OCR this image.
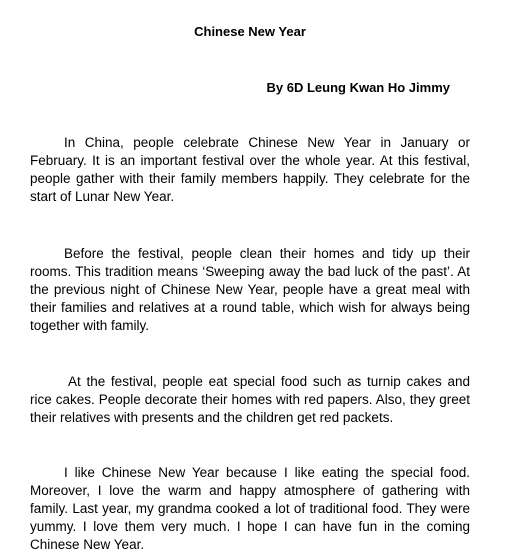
Chinese New Year
By 6D Leung Kwan Ho Jimmy

In China, people celebrate Chinese New Year in January or February. It is an important festival over the whole year. At this festival, people gather with their family members happily. They celebrate for the start of Lunar New Year.

Before the festival, people clean their homes and tidy up their rooms. This tradition means ‘Sweeping away the bad luck of the past’. At the previous night of Chinese New Year, people have a great meal with their families and relatives at a round table, which wish for always being together with family.

At the festival, people eat special food such as turnip cakes and rice cakes. People decorate their homes with red papers. Also, they greet their relatives with presents and the children get red packets.

I like Chinese New Year because I like eating the special food. Moreover, I love the warm and happy atmosphere of gathering with family. Last year, my grandma cooked a lot of traditional food. They were yummy. I love them very much. I hope I can have fun in the coming Chinese New Year.
